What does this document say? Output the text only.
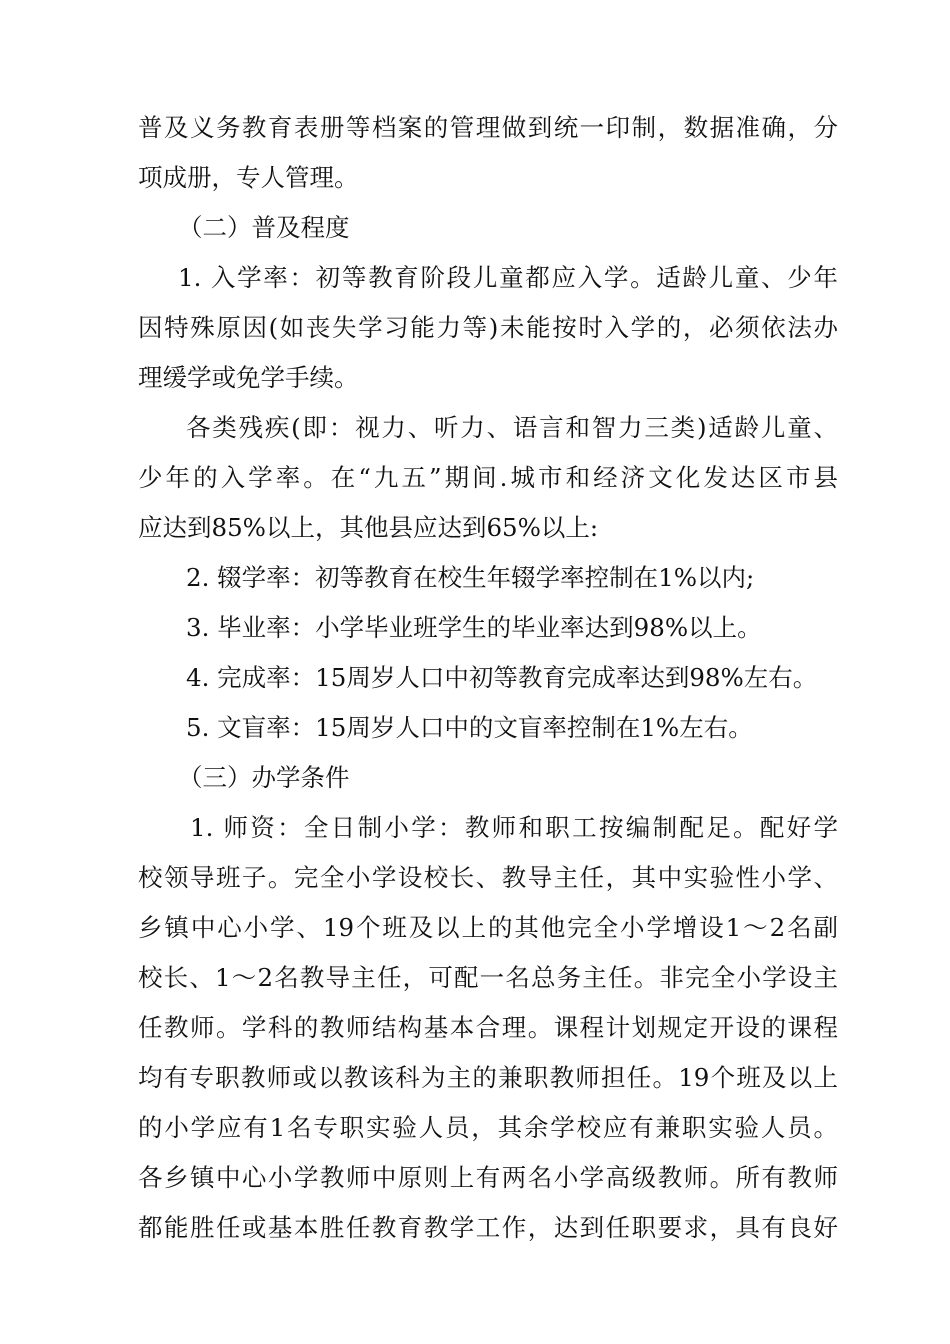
普及义务教育表册等档案的管理做到统一印制，数据准确，分
项成册，专人管理。
（二）普及程度
1. 入学率：初等教育阶段儿童都应入学。适龄儿童、少年
因特殊原因(如丧失学习能力等)未能按时入学的，必须依法办
理缓学或免学手续。
各类残疾(即：视力、听力、语言和智力三类)适龄儿童、
少年的入学率。在“九五”期间.城市和经济文化发达区市县
应达到85%以上，其他县应达到65%以上:
2. 辍学率：初等教育在校生年辍学率控制在1%以内;
3. 毕业率：小学毕业班学生的毕业率达到98%以上。
4. 完成率：15周岁人口中初等教育完成率达到98%左右。
5. 文盲率：15周岁人口中的文盲率控制在1%左右。
（三）办学条件
1. 师资：全日制小学：教师和职工按编制配足。配好学
校领导班子。完全小学设校长、教导主任，其中实验性小学、
乡镇中心小学、19个班及以上的其他完全小学增设1～2名副
校长、1～2名教导主任，可配一名总务主任。非完全小学设主
任教师。学科的教师结构基本合理。课程计划规定开设的课程
均有专职教师或以教该科为主的兼职教师担任。19个班及以上
的小学应有1名专职实验人员，其余学校应有兼职实验人员。
各乡镇中心小学教师中原则上有两名小学高级教师。所有教师
都能胜任或基本胜任教育教学工作，达到任职要求，具有良好
